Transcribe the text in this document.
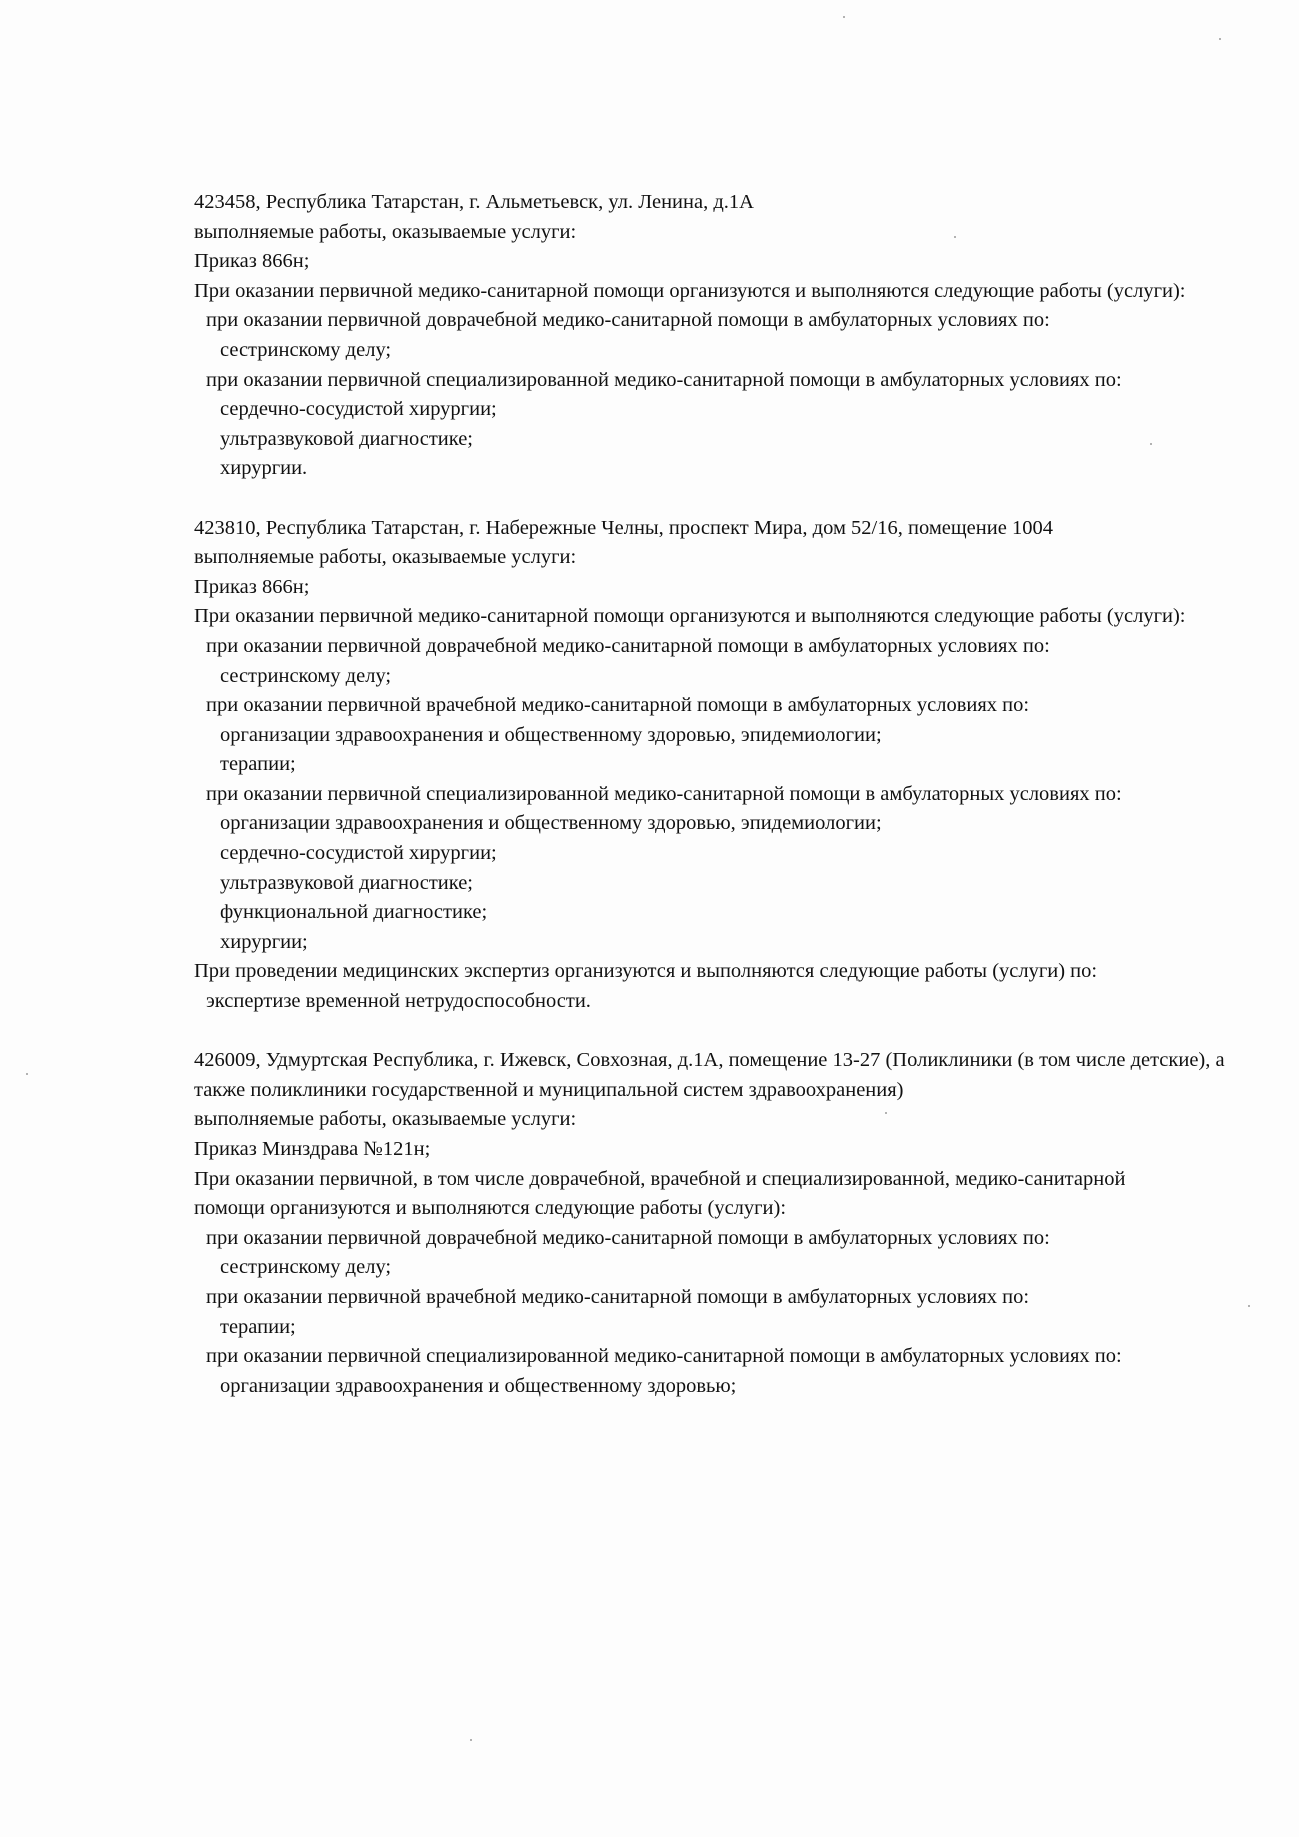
423458, Республика Татарстан, г. Альметьевск, ул. Ленина, д.1А
выполняемые работы, оказываемые услуги:
Приказ 866н;
При оказании первичной медико-санитарной помощи организуются и выполняются следующие работы (услуги):
при оказании первичной доврачебной медико-санитарной помощи в амбулаторных условиях по:
сестринскому делу;
при оказании первичной специализированной медико-санитарной помощи в амбулаторных условиях по:
сердечно-сосудистой хирургии;
ультразвуковой диагностике;
хирургии.
423810, Республика Татарстан, г. Набережные Челны, проспект Мира, дом 52/16, помещение 1004
выполняемые работы, оказываемые услуги:
Приказ 866н;
При оказании первичной медико-санитарной помощи организуются и выполняются следующие работы (услуги):
при оказании первичной доврачебной медико-санитарной помощи в амбулаторных условиях по:
сестринскому делу;
при оказании первичной врачебной медико-санитарной помощи в амбулаторных условиях по:
организации здравоохранения и общественному здоровью, эпидемиологии;
терапии;
при оказании первичной специализированной медико-санитарной помощи в амбулаторных условиях по:
организации здравоохранения и общественному здоровью, эпидемиологии;
сердечно-сосудистой хирургии;
ультразвуковой диагностике;
функциональной диагностике;
хирургии;
При проведении медицинских экспертиз организуются и выполняются следующие работы (услуги) по:
экспертизе временной нетрудоспособности.
426009, Удмуртская Республика, г. Ижевск, Совхозная, д.1А, помещение 13-27 (Поликлиники (в том числе детские), а также поликлиники государственной и муниципальной систем здравоохранения)
выполняемые работы, оказываемые услуги:
Приказ Минздрава №121н;
При оказании первичной, в том числе доврачебной, врачебной и специализированной, медико-санитарной помощи организуются и выполняются следующие работы (услуги):
при оказании первичной доврачебной медико-санитарной помощи в амбулаторных условиях по:
сестринскому делу;
при оказании первичной врачебной медико-санитарной помощи в амбулаторных условиях по:
терапии;
при оказании первичной специализированной медико-санитарной помощи в амбулаторных условиях по:
организации здравоохранения и общественному здоровью;
